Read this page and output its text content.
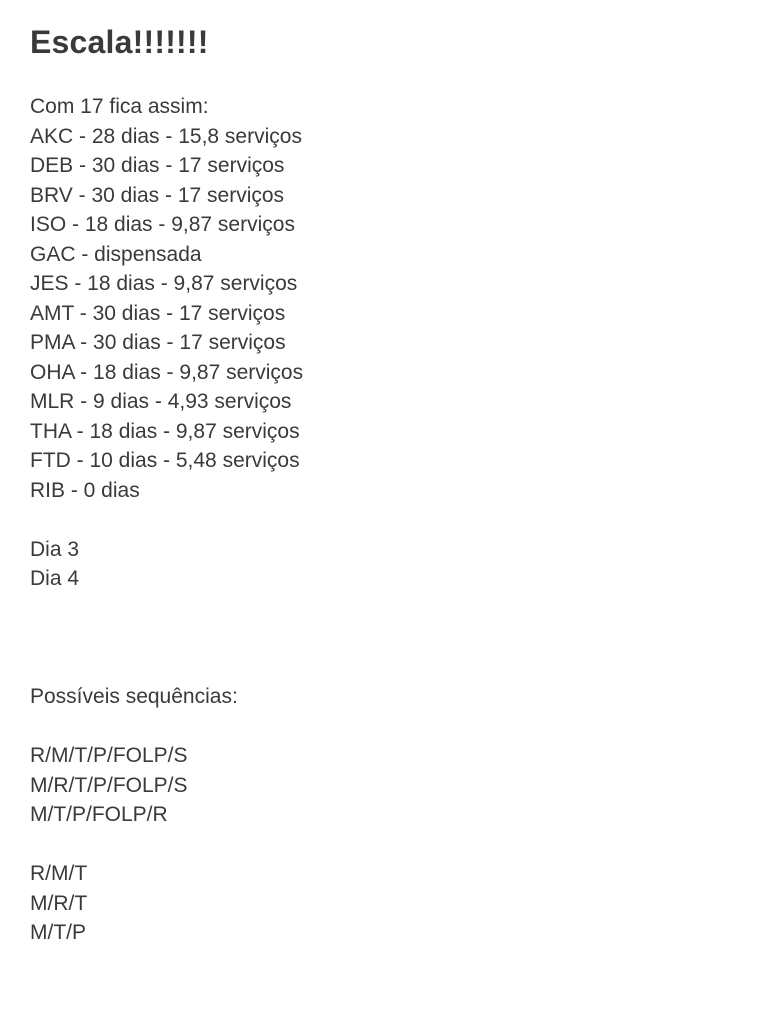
Escala!!!!!!!
Com 17 fica assim:
AKC - 28 dias - 15,8 serviços
DEB - 30 dias - 17 serviços
BRV - 30 dias - 17 serviços
ISO - 18 dias - 9,87 serviços
GAC - dispensada
JES - 18 dias - 9,87 serviços
AMT - 30 dias - 17 serviços
PMA - 30 dias - 17 serviços
OHA - 18 dias - 9,87 serviços
MLR - 9 dias - 4,93 serviços
THA - 18 dias - 9,87 serviços
FTD - 10 dias - 5,48 serviços
RIB - 0 dias
Dia 3
Dia 4
Possíveis sequências:
R/M/T/P/FOLP/S
M/R/T/P/FOLP/S
M/T/P/FOLP/R
R/M/T
M/R/T
M/T/P
